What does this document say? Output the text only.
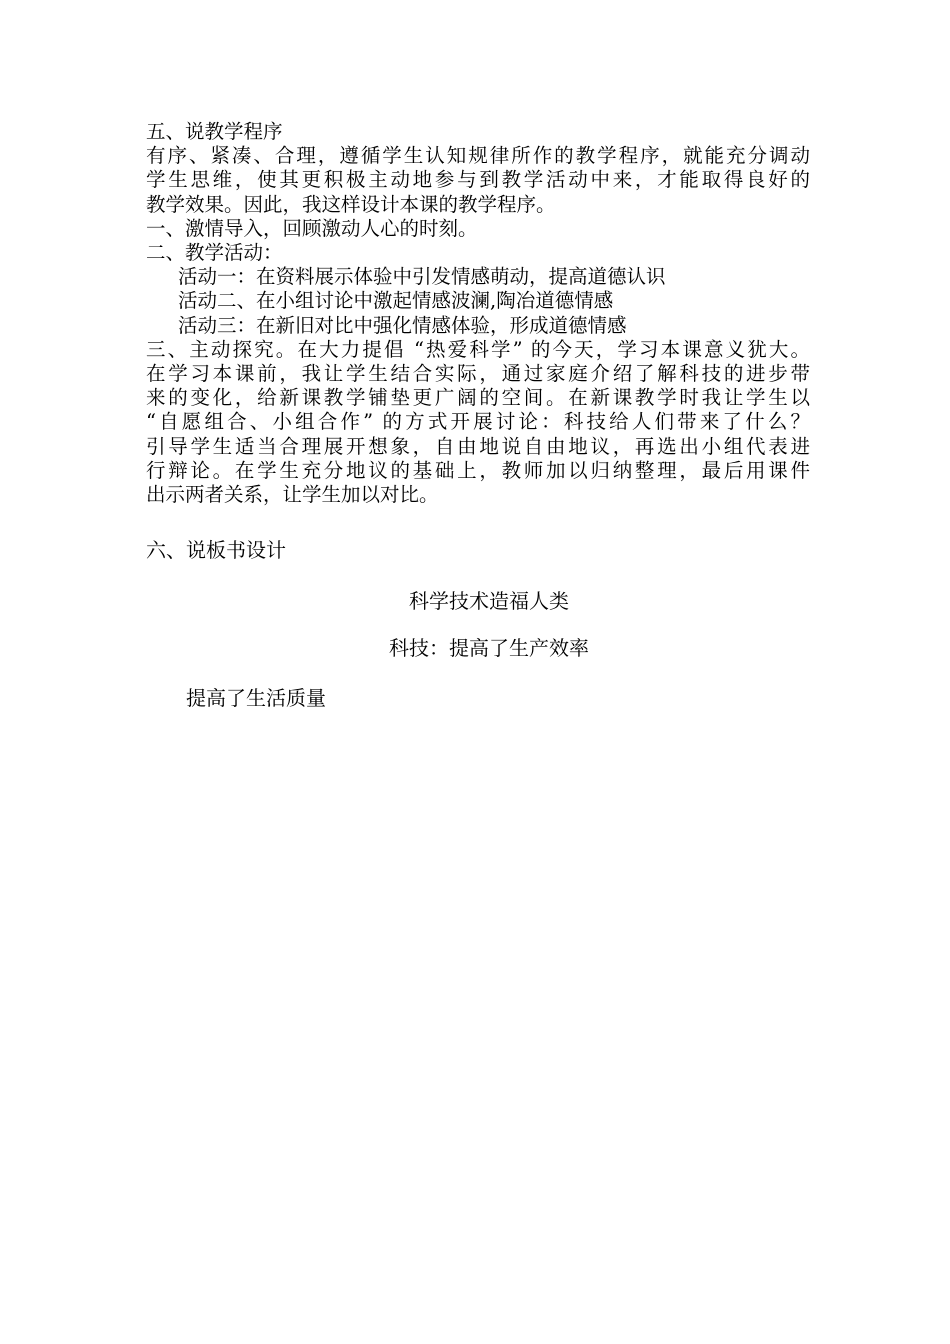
五、说教学程序
有序、紧凑、合理，遵循学生认知规律所作的教学程序，就能充分调动
学生思维，使其更积极主动地参与到教学活动中来，才能取得良好的
教学效果。因此，我这样设计本课的教学程序。
一、激情导入，回顾激动人心的时刻。
二、教学活动：
活动一：在资料展示体验中引发情感萌动，提高道德认识
活动二、在小组讨论中激起情感波澜,陶冶道德情感
活动三：在新旧对比中强化情感体验，形成道德情感
三、主动探究。在大力提倡 “热爱科学” 的今天，学习本课意义犹大。
在学习本课前，我让学生结合实际，通过家庭介绍了解科技的进步带
来的变化，给新课教学铺垫更广阔的空间。在新课教学时我让学生以
“自愿组合、小组合作” 的方式开展讨论：科技给人们带来了什么？
引导学生适当合理展开想象，自由地说自由地议，再选出小组代表进
行辩论。在学生充分地议的基础上，教师加以归纳整理，最后用课件
出示两者关系，让学生加以对比。
六、说板书设计
科学技术造福人类
科技：提高了生产效率
提高了生活质量
